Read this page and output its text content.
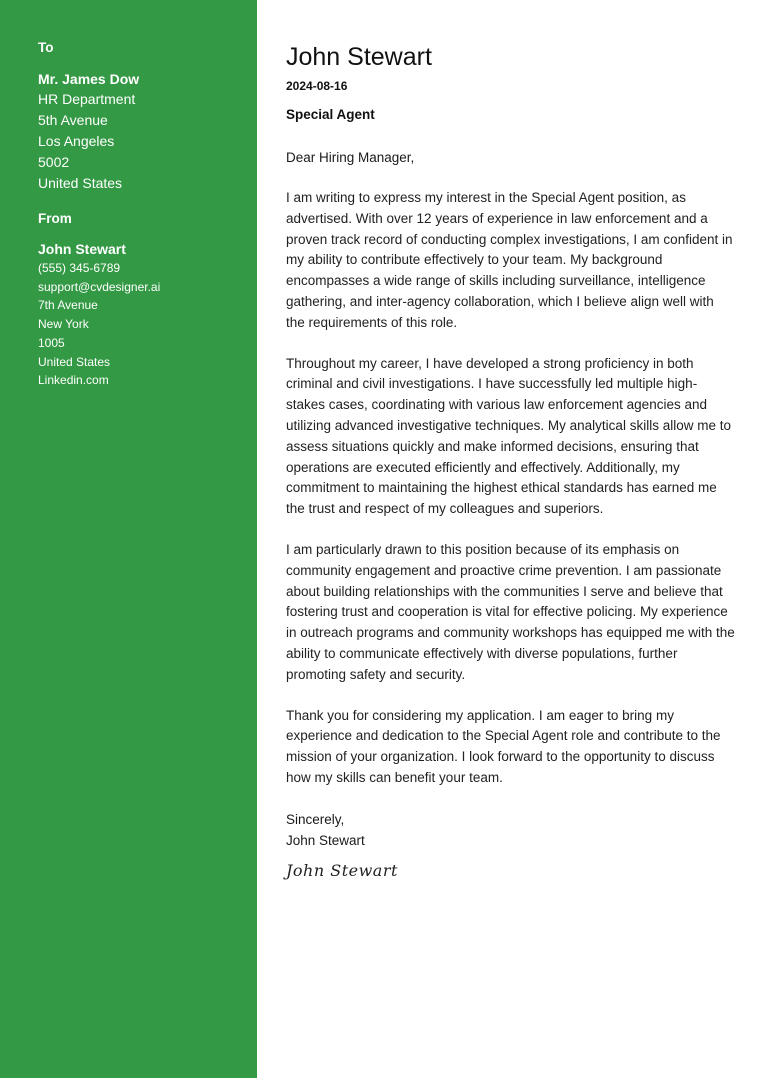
To
Mr. James Dow
HR Department
5th Avenue
Los Angeles
5002
United States
From
John Stewart
(555) 345-6789
support@cvdesigner.ai
7th Avenue
New York
1005
United States
Linkedin.com
John Stewart
2024-08-16
Special Agent
Dear Hiring Manager,

I am writing to express my interest in the Special Agent position, as advertised. With over 12 years of experience in law enforcement and a proven track record of conducting complex investigations, I am confident in my ability to contribute effectively to your team. My background encompasses a wide range of skills including surveillance, intelligence gathering, and inter-agency collaboration, which I believe align well with the requirements of this role.

Throughout my career, I have developed a strong proficiency in both criminal and civil investigations. I have successfully led multiple high-stakes cases, coordinating with various law enforcement agencies and utilizing advanced investigative techniques. My analytical skills allow me to assess situations quickly and make informed decisions, ensuring that operations are executed efficiently and effectively. Additionally, my commitment to maintaining the highest ethical standards has earned me the trust and respect of my colleagues and superiors.

I am particularly drawn to this position because of its emphasis on community engagement and proactive crime prevention. I am passionate about building relationships with the communities I serve and believe that fostering trust and cooperation is vital for effective policing. My experience in outreach programs and community workshops has equipped me with the ability to communicate effectively with diverse populations, further promoting safety and security.

Thank you for considering my application. I am eager to bring my experience and dedication to the Special Agent role and contribute to the mission of your organization. I look forward to the opportunity to discuss how my skills can benefit your team.

Sincerely,
John Stewart
John Stewart
